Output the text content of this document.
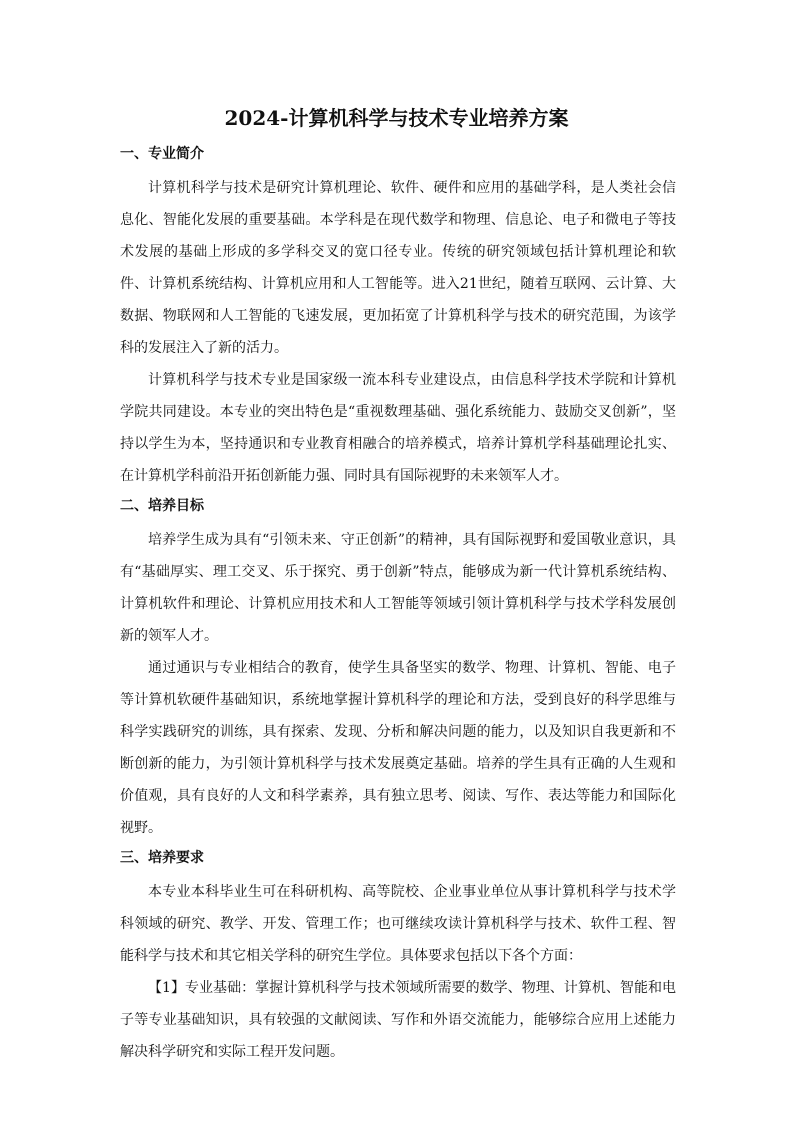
2024-计算机科学与技术专业培养方案
一、专业简介

计算机科学与技术是研究计算机理论、软件、硬件和应用的基础学科，是人类社会信息化、智能化发展的重要基础。本学科是在现代数学和物理、信息论、电子和微电子等技术发展的基础上形成的多学科交叉的宽口径专业。传统的研究领域包括计算机理论和软件、计算机系统结构、计算机应用和人工智能等。进入21世纪，随着互联网、云计算、大数据、物联网和人工智能的飞速发展，更加拓宽了计算机科学与技术的研究范围，为该学科的发展注入了新的活力。

计算机科学与技术专业是国家级一流本科专业建设点，由信息科学技术学院和计算机学院共同建设。本专业的突出特色是“重视数理基础、强化系统能力、鼓励交叉创新”，坚持以学生为本，坚持通识和专业教育相融合的培养模式，培养计算机学科基础理论扎实、在计算机学科前沿开拓创新能力强、同时具有国际视野的未来领军人才。

二、培养目标

培养学生成为具有“引领未来、守正创新”的精神，具有国际视野和爱国敬业意识，具有“基础厚实、理工交叉、乐于探究、勇于创新”特点，能够成为新一代计算机系统结构、计算机软件和理论、计算机应用技术和人工智能等领域引领计算机科学与技术学科发展创新的领军人才。

通过通识与专业相结合的教育，使学生具备坚实的数学、物理、计算机、智能、电子等计算机软硬件基础知识，系统地掌握计算机科学的理论和方法，受到良好的科学思维与科学实践研究的训练，具有探索、发现、分析和解决问题的能力，以及知识自我更新和不断创新的能力，为引领计算机科学与技术发展奠定基础。培养的学生具有正确的人生观和价值观，具有良好的人文和科学素养，具有独立思考、阅读、写作、表达等能力和国际化视野。

三、培养要求

本专业本科毕业生可在科研机构、高等院校、企业事业单位从事计算机科学与技术学科领域的研究、教学、开发、管理工作；也可继续攻读计算机科学与技术、软件工程、智能科学与技术和其它相关学科的研究生学位。具体要求包括以下各个方面：

【1】专业基础：掌握计算机科学与技术领域所需要的数学、物理、计算机、智能和电子等专业基础知识，具有较强的文献阅读、写作和外语交流能力，能够综合应用上述能力解决科学研究和实际工程开发问题。
